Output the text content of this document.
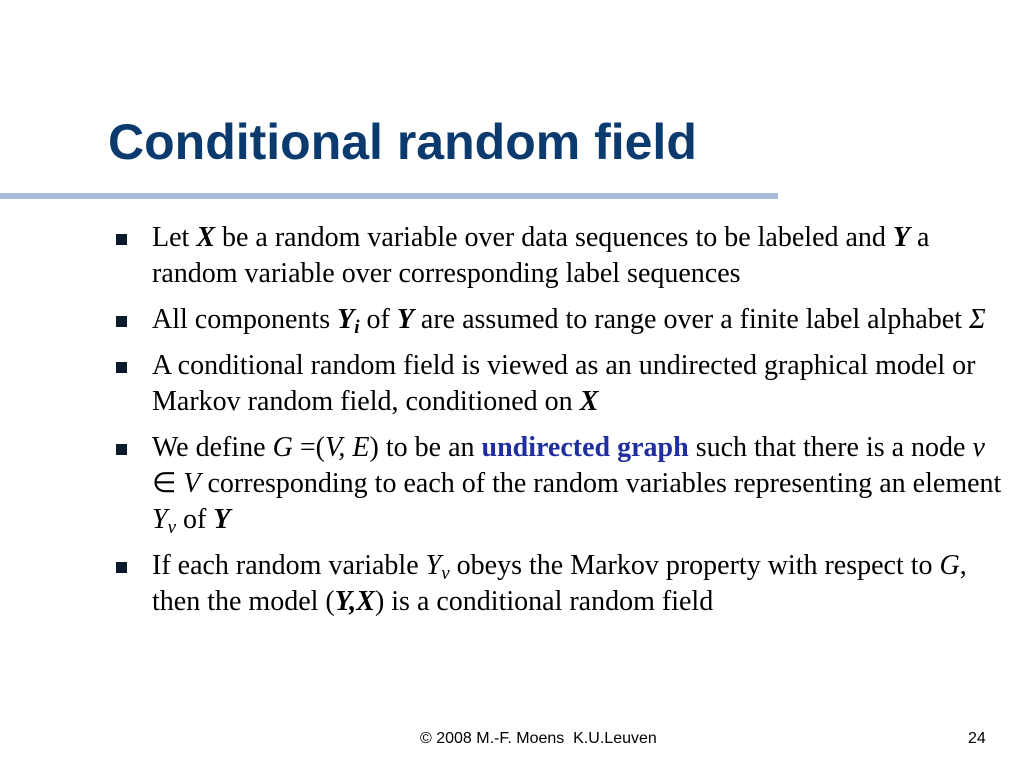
Conditional random field
Let X be a random variable over data sequences to be labeled and Y a random variable over corresponding label sequences
All components $Y_i$ of Y are assumed to range over a finite label alphabet Σ
A conditional random field is viewed as an undirected graphical model or Markov random field, conditioned on X
We define G =(V, E) to be an undirected graph such that there is a node v ∈ V corresponding to each of the random variables representing an element $Y_v$ of Y
If each random variable $Y_v$ obeys the Markov property with respect to G, then the model (Y,X) is a conditional random field
© 2008 M.-F. Moens  K.U.Leuven	24
